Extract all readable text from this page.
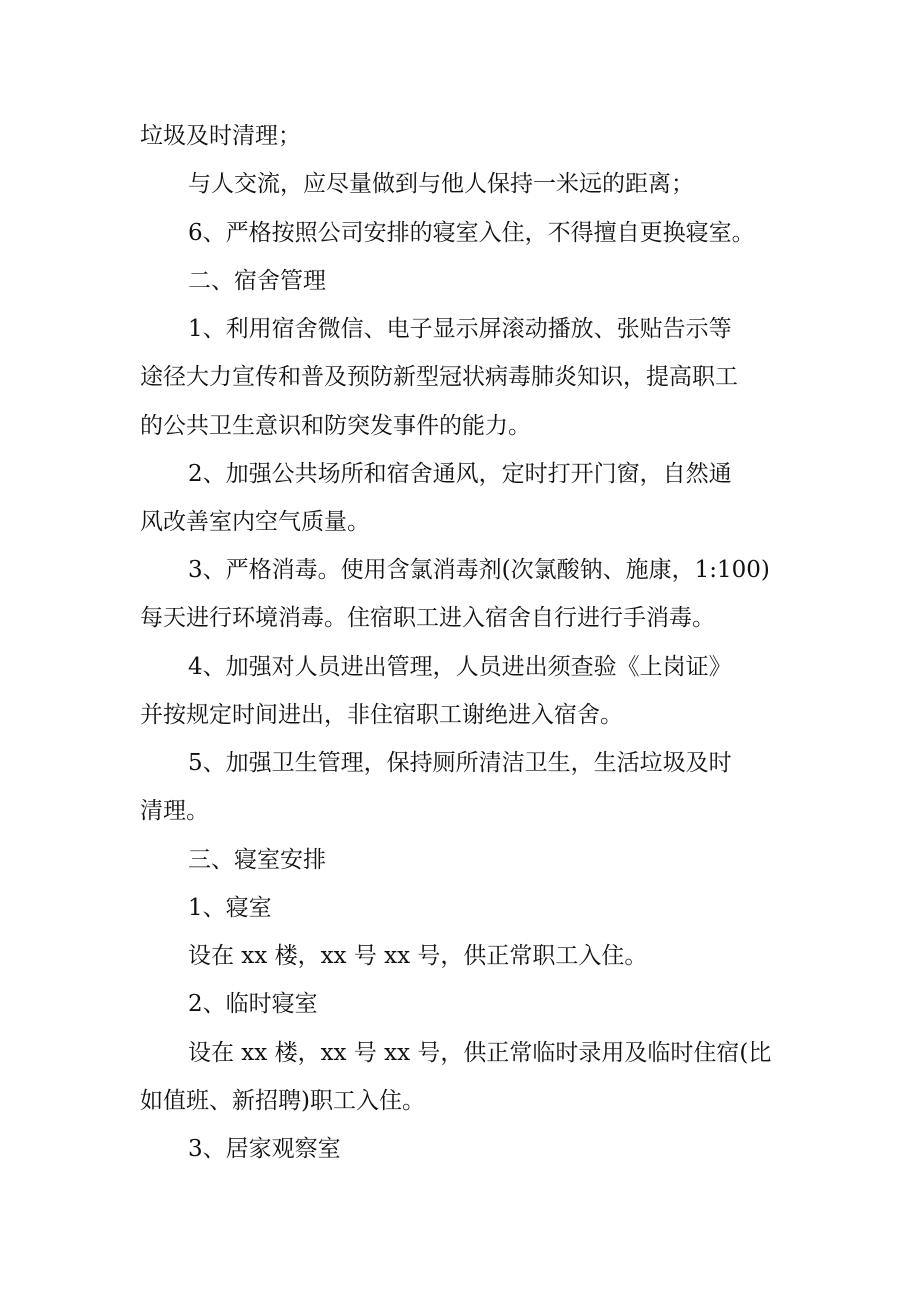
垃圾及时清理；

与人交流，应尽量做到与他人保持一米远的距离；

6、严格按照公司安排的寝室入住，不得擅自更换寝室。

二、宿舍管理

1、利用宿舍微信、电子显示屏滚动播放、张贴告示等

途径大力宣传和普及预防新型冠状病毒肺炎知识，提高职工

的公共卫生意识和防突发事件的能力。

2、加强公共场所和宿舍通风，定时打开门窗，自然通

风改善室内空气质量。

3、严格消毒。使用含氯消毒剂(次氯酸钠、施康，1:100)

每天进行环境消毒。住宿职工进入宿舍自行进行手消毒。

4、加强对人员进出管理，人员进出须查验《上岗证》

并按规定时间进出，非住宿职工谢绝进入宿舍。

5、加强卫生管理，保持厕所清洁卫生，生活垃圾及时

清理。

三、寝室安排

1、寝室

设在 xx 楼，xx 号 xx 号，供正常职工入住。

2、临时寝室

设在 xx 楼，xx 号 xx 号，供正常临时录用及临时住宿(比

如值班、新招聘)职工入住。

3、居家观察室
